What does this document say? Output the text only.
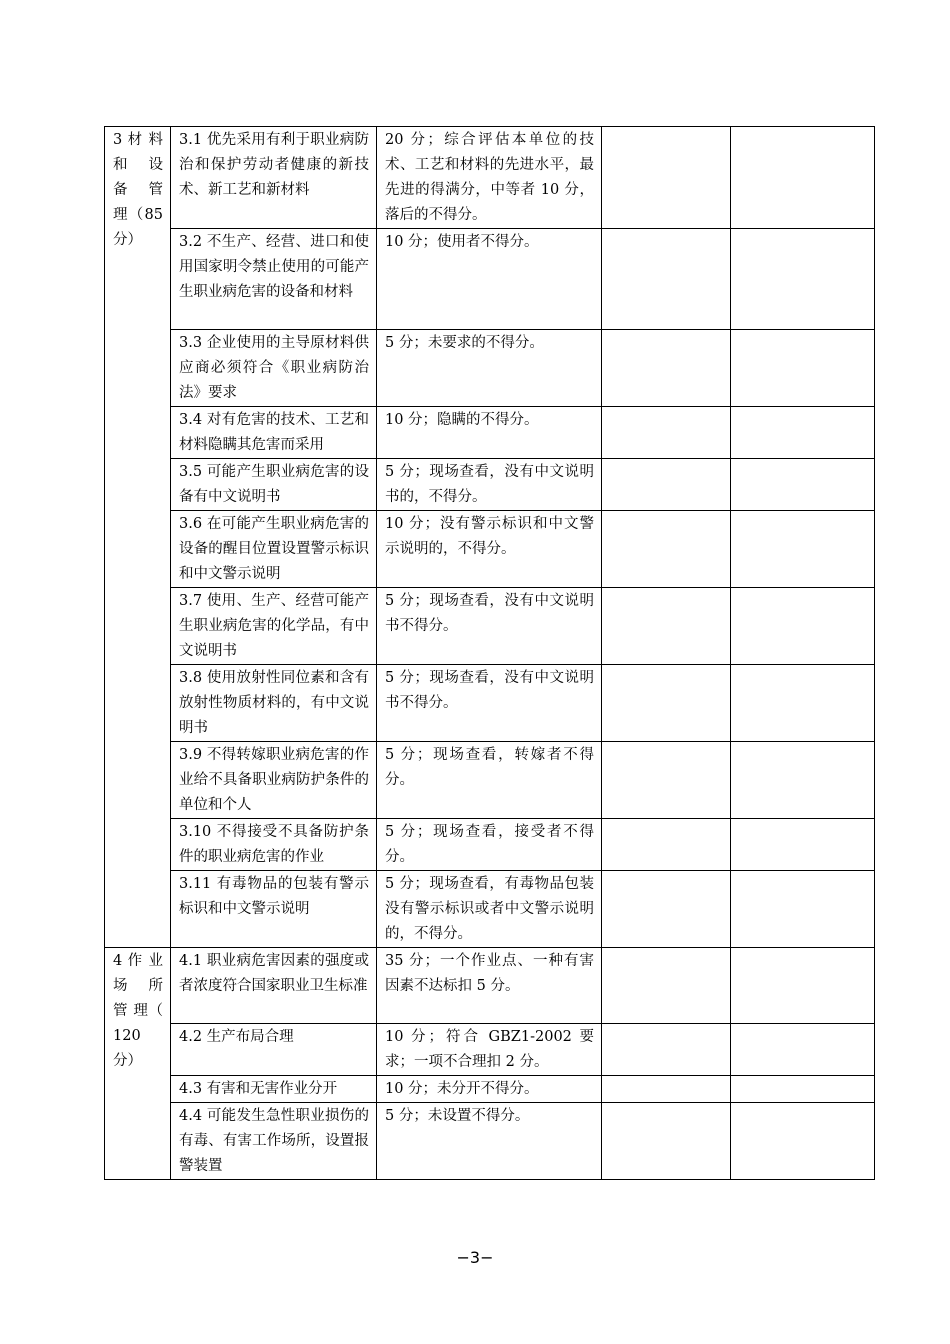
3 材 料 和 设 备 管 理（85 分）	3.1 优先采用有利于职业病防治和保护劳动者健康的新技术、新工艺和新材料	20 分；综合评估本单位的技术、工艺和材料的先进水平，最先进的得满分，中等者 10 分，落后的不得分。		
	3.2 不生产、经营、进口和使用国家明令禁止使用的可能产生职业病危害的设备和材料	10 分；使用者不得分。		
	3.3 企业使用的主导原材料供应商必须符合《职业病防治法》要求	5 分；未要求的不得分。		
	3.4 对有危害的技术、工艺和材料隐瞒其危害而采用	10 分；隐瞒的不得分。		
	3.5 可能产生职业病危害的设备有中文说明书	5 分；现场查看，没有中文说明书的，不得分。		
	3.6 在可能产生职业病危害的设备的醒目位置设置警示标识和中文警示说明	10 分；没有警示标识和中文警示说明的，不得分。		
	3.7 使用、生产、经营可能产生职业病危害的化学品，有中文说明书	5 分；现场查看，没有中文说明书不得分。		
	3.8 使用放射性同位素和含有放射性物质材料的，有中文说明书	5 分；现场查看，没有中文说明书不得分。		
	3.9 不得转嫁职业病危害的作业给不具备职业病防护条件的单位和个人	5 分；现场查看，转嫁者不得分。		
	3.10 不得接受不具备防护条件的职业病危害的作业	5 分；现场查看，接受者不得分。		
	3.11 有毒物品的包装有警示标识和中文警示说明	5 分；现场查看，有毒物品包装没有警示标识或者中文警示说明的，不得分。		
4 作 业 场 所 管 理（ 120 分）	4.1 职业病危害因素的强度或者浓度符合国家职业卫生标准	35 分；一个作业点、一种有害因素不达标扣 5 分。		
	4.2 生产布局合理	10 分；符合 GBZ1-2002 要求；一项不合理扣 2 分。		
	4.3 有害和无害作业分开	10 分；未分开不得分。		
	4.4 可能发生急性职业损伤的有毒、有害工作场所，设置报警装置	5 分；未设置不得分。		
−3−
